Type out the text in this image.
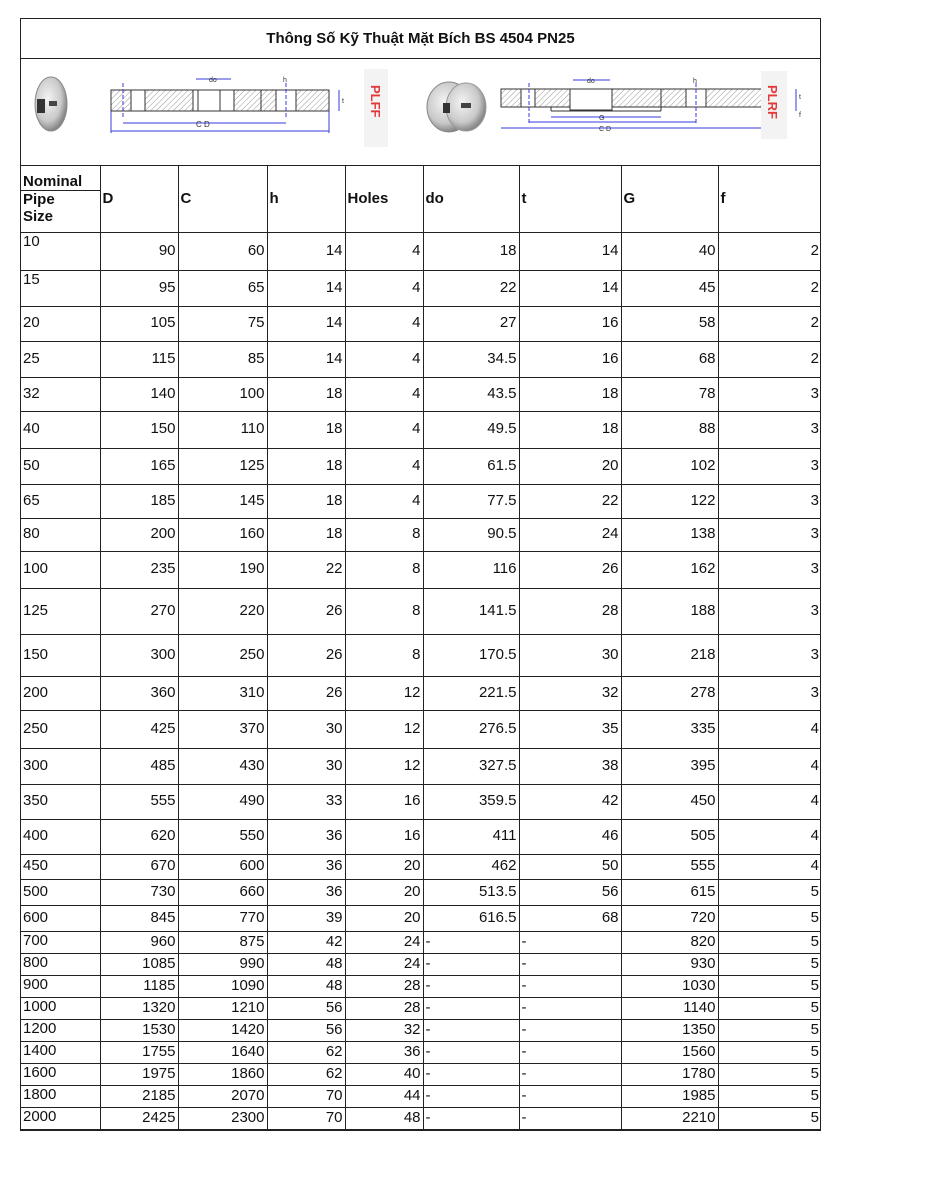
Thông Số Kỹ Thuật Mặt Bích BS 4504 PN25
do	h
t
C D
PLFF
do	h
t
f
G
C D
PLRF
Nominal
Pipe
Size	D	C	h	Holes	do	t	G	f
10	90	60	14	4	18	14	40	2
15	95	65	14	4	22	14	45	2
20	105	75	14	4	27	16	58	2
25	115	85	14	4	34.5	16	68	2
32	140	100	18	4	43.5	18	78	3
40	150	110	18	4	49.5	18	88	3
50	165	125	18	4	61.5	20	102	3
65	185	145	18	4	77.5	22	122	3
80	200	160	18	8	90.5	24	138	3
100	235	190	22	8	116	26	162	3
125	270	220	26	8	141.5	28	188	3
150	300	250	26	8	170.5	30	218	3
200	360	310	26	12	221.5	32	278	3
250	425	370	30	12	276.5	35	335	4
300	485	430	30	12	327.5	38	395	4
350	555	490	33	16	359.5	42	450	4
400	620	550	36	16	411	46	505	4
450	670	600	36	20	462	50	555	4
500	730	660	36	20	513.5	56	615	5
600	845	770	39	20	616.5	68	720	5
700	960	875	42	24	-	-	820	5
800	1085	990	48	24	-	-	930	5
900	1185	1090	48	28	-	-	1030	5
1000	1320	1210	56	28	-	-	1140	5
1200	1530	1420	56	32	-	-	1350	5
1400	1755	1640	62	36	-	-	1560	5
1600	1975	1860	62	40	-	-	1780	5
1800	2185	2070	70	44	-	-	1985	5
2000	2425	2300	70	48	-	-	2210	5
